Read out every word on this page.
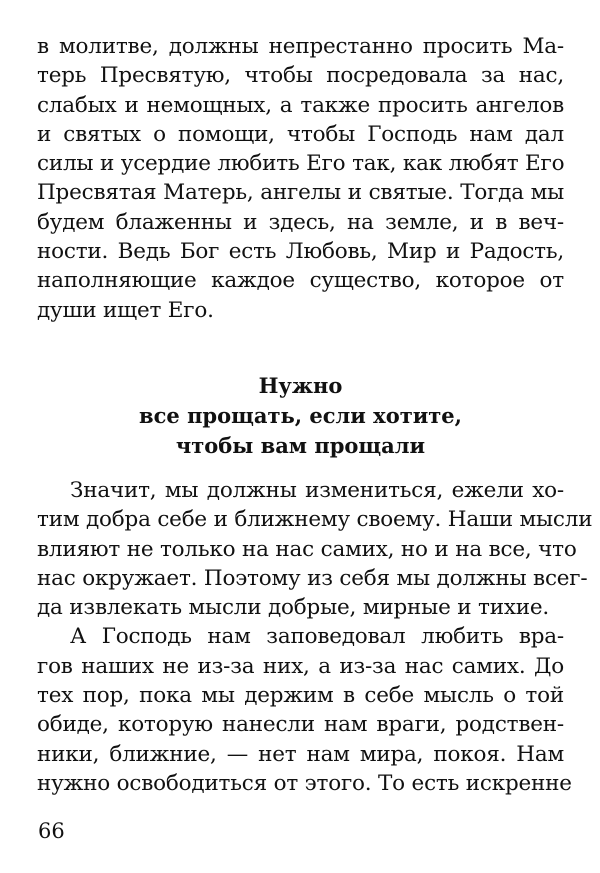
в молитве, должны непрестанно просить Ма-
терь Пресвятую, чтобы посредовала за нас,
слабых и немощных, а также просить ангелов
и святых о помощи, чтобы Господь нам дал
силы и усердие любить Его так, как любят Его
Пресвятая Матерь, ангелы и святые. Тогда мы
будем блаженны и здесь, на земле, и в веч-
ности. Ведь Бог есть Любовь, Мир и Радость,
наполняющие каждое существо, которое от
души ищет Его.
Нужно
все прощать, если хотите,
чтобы вам прощали
Значит, мы должны измениться, ежели хо-
тим добра себе и ближнему своему. Наши мысли
влияют не только на нас самих, но и на все, что
нас окружает. Поэтому из себя мы должны всег-
да извлекать мысли добрые, мирные и тихие.
А Господь нам заповедовал любить вра-
гов наших не из-за них, а из-за нас самих. До
тех пор, пока мы держим в себе мысль о той
обиде, которую нанесли нам враги, родствен-
ники, ближние, — нет нам мира, покоя. Нам
нужно освободиться от этого. То есть искренне
66
